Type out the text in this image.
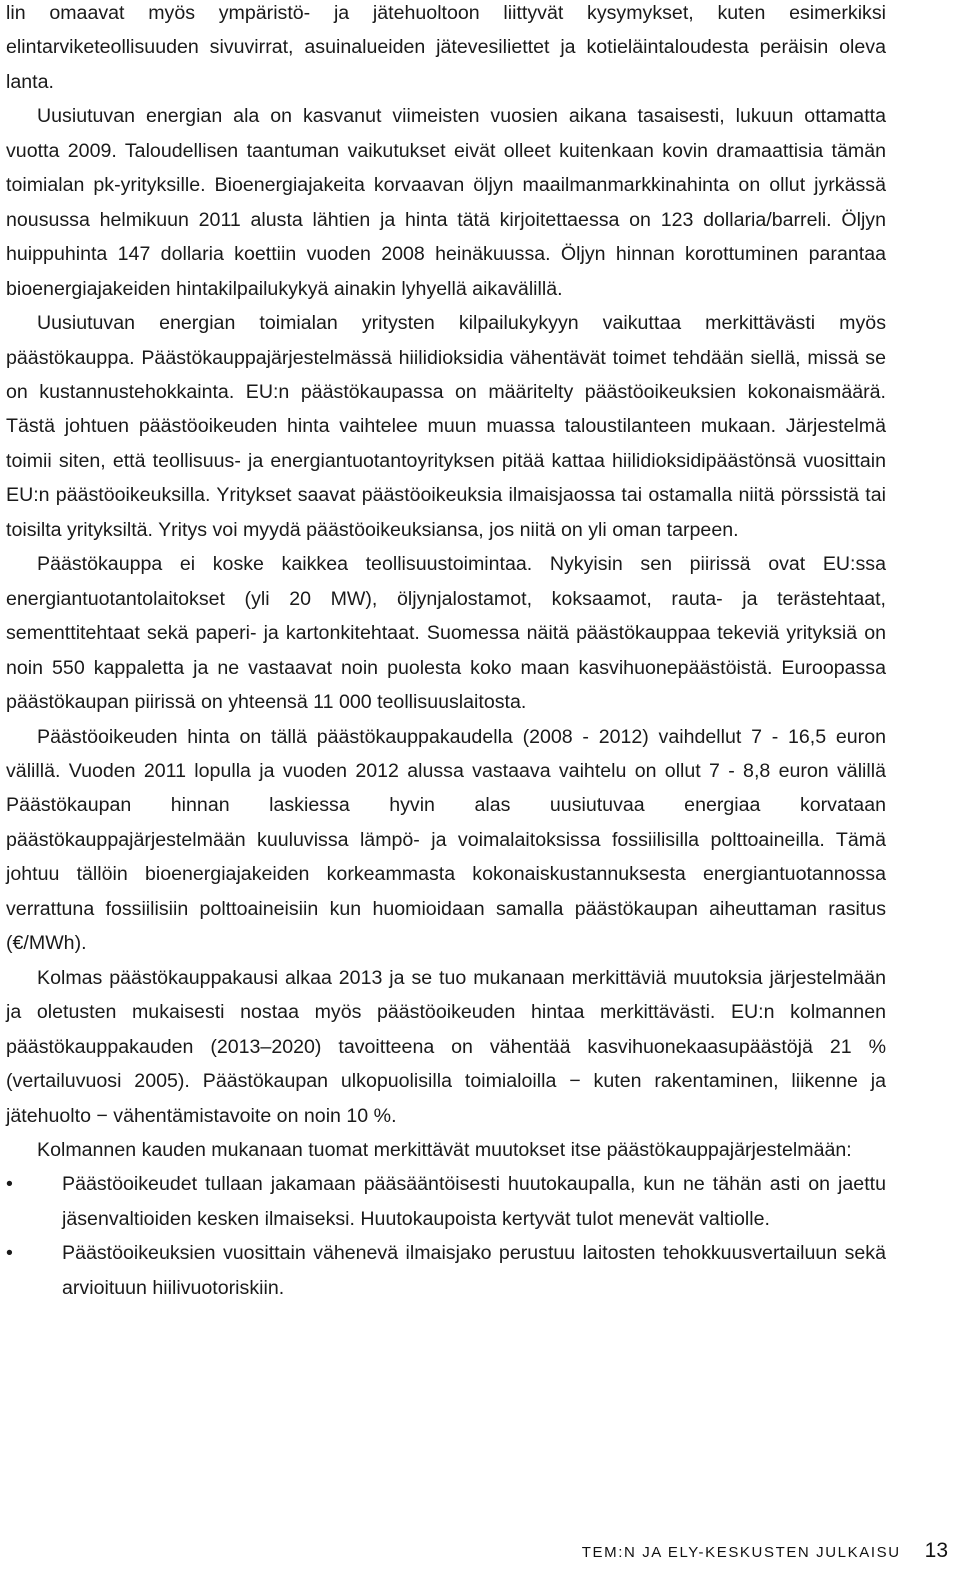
lin omaavat myös ympäristö- ja jätehuoltoon liittyvät kysymykset, kuten esimerkiksi elintarviketeollisuuden sivuvirrat, asuinalueiden jätevesiliettet ja kotieläintaloudesta peräisin oleva lanta.

Uusiutuvan energian ala on kasvanut viimeisten vuosien aikana tasaisesti, lukuun ottamatta vuotta 2009. Taloudellisen taantuman vaikutukset eivät olleet kuitenkaan kovin dramaattisia tämän toimialan pk-yrityksille. Bioenergiajakeita korvaavan öljyn maailmanmarkkinahinta on ollut jyrkässä nousussa helmikuun 2011 alusta lähtien ja hinta tätä kirjoitettaessa on 123 dollaria/barreli. Öljyn huippuhinta 147 dollaria koettiin vuoden 2008 heinäkuussa. Öljyn hinnan korottuminen parantaa bioenergiajakeiden hintakilpailukykyä ainakin lyhyellä aikavälillä.

Uusiutuvan energian toimialan yritysten kilpailukykyyn vaikuttaa merkittävästi myös päästökauppa. Päästökauppajärjestelmässä hiilidioksidia vähentävät toimet tehdään siellä, missä se on kustannustehokkainta. EU:n päästökaupassa on määritelty päästöoikeuksien kokonaismäärä. Tästä johtuen päästöoikeuden hinta vaihtelee muun muassa taloustilanteen mukaan. Järjestelmä toimii siten, että teollisuus- ja energiantuotantoyrityksen pitää kattaa hiilidioksidipäästönsä vuosittain EU:n päästöoikeuksilla. Yritykset saavat päästöoikeuksia ilmaisjaossa tai ostamalla niitä pörssistä tai toisilta yrityksiltä. Yritys voi myydä päästöoikeuksiansa, jos niitä on yli oman tarpeen.

Päästökauppa ei koske kaikkea teollisuustoimintaa. Nykyisin sen piirissä ovat EU:ssa energiantuotantolaitokset (yli 20 MW), öljynjalostamot, koksaamot, rauta- ja terästehtaat, sementtitehtaat sekä paperi- ja kartonkitehtaat. Suomessa näitä päästökauppaa tekeviä yrityksiä on noin 550 kappaletta ja ne vastaavat noin puolesta koko maan kasvihuonepäästöistä. Euroopassa päästökaupan piirissä on yhteensä 11 000 teollisuuslaitosta.

Päästöoikeuden hinta on tällä päästökauppakaudella (2008 - 2012) vaihdellut 7 - 16,5 euron välillä. Vuoden 2011 lopulla ja vuoden 2012 alussa vastaava vaihtelu on ollut 7 - 8,8 euron välillä Päästökaupan hinnan laskiessa hyvin alas uusiutuvaa energiaa korvataan päästökauppajärjestelmään kuuluvissa lämpö- ja voimalaitoksissa fossiilisilla polttoaineilla. Tämä johtuu tällöin bioenergiajakeiden korkeammasta kokonaiskustannuksesta energiantuotannossa verrattuna fossiilisiin polttoaineisiin kun huomioidaan samalla päästökaupan aiheuttaman rasitus (€/MWh).

Kolmas päästökauppakausi alkaa 2013 ja se tuo mukanaan merkittäviä muutoksia järjestelmään ja oletusten mukaisesti nostaa myös päästöoikeuden hintaa merkittävästi. EU:n kolmannen päästökauppakauden (2013–2020) tavoitteena on vähentää kasvihuonekaasupäästöjä 21 % (vertailuvuosi 2005). Päästökaupan ulkopuolisilla toimialoilla − kuten rakentaminen, liikenne ja jätehuolto − vähentämistavoite on noin 10 %.

Kolmannen kauden mukanaan tuomat merkittävät muutokset itse päästökauppajärjestelmään:

• Päästöoikeudet tullaan jakamaan pääsääntöisesti huutokaupalla, kun ne tähän asti on jaettu jäsenvaltioiden kesken ilmaiseksi. Huutokaupoista kertyvät tulot menevät valtiolle.
• Päästöoikeuksien vuosittain vähenevä ilmaisjako perustuu laitosten tehokkuusvertailuun sekä arvioituun hiilivuotoriskiin.
TEM:N JA ELY-KESKUSTEN JULKAISU 13
